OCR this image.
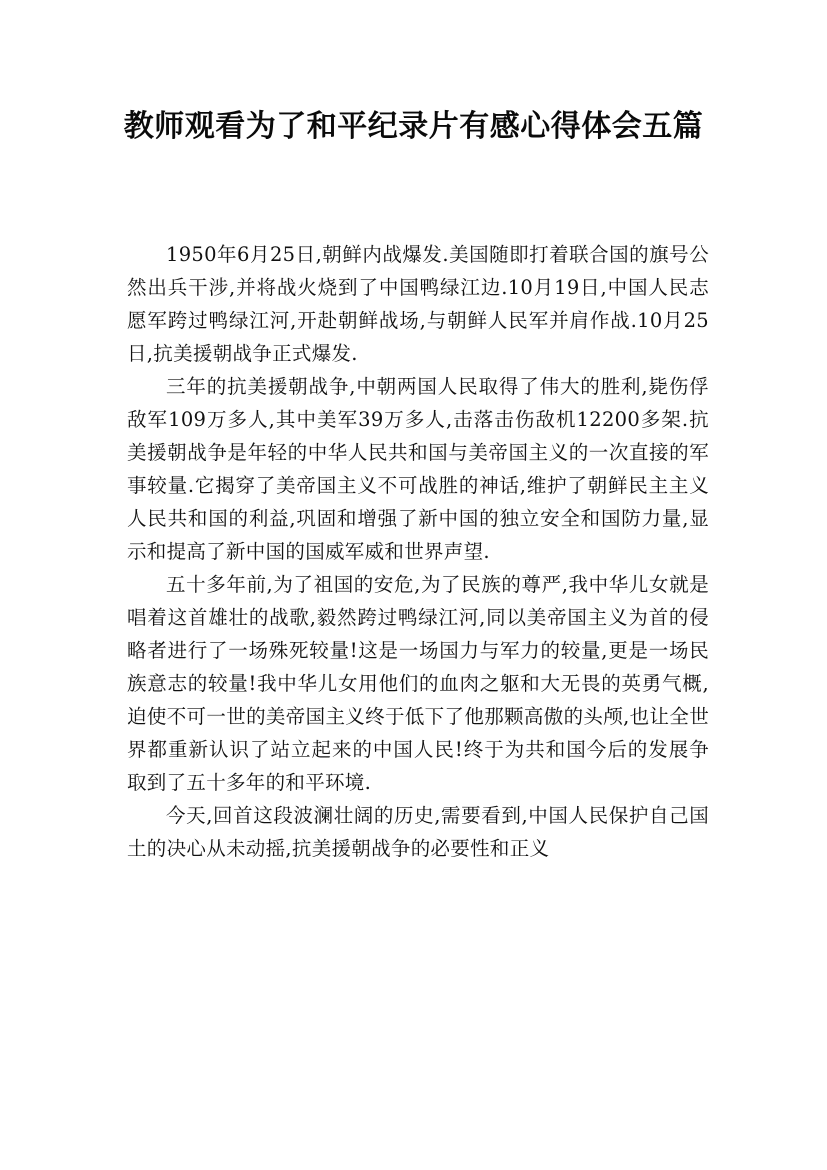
教师观看为了和平纪录片有感心得体会五篇

1950年6月25日,朝鲜内战爆发.美国随即打着联合国的旗号公然出兵干涉,并将战火烧到了中国鸭绿江边.10月19日,中国人民志愿军跨过鸭绿江河,开赴朝鲜战场,与朝鲜人民军并肩作战.10月25日,抗美援朝战争正式爆发.

三年的抗美援朝战争,中朝两国人民取得了伟大的胜利,毙伤俘敌军109万多人,其中美军39万多人,击落击伤敌机12200多架.抗美援朝战争是年轻的中华人民共和国与美帝国主义的一次直接的军事较量.它揭穿了美帝国主义不可战胜的神话,维护了朝鲜民主主义人民共和国的利益,巩固和增强了新中国的独立安全和国防力量,显示和提高了新中国的国威军威和世界声望.

五十多年前,为了祖国的安危,为了民族的尊严,我中华儿女就是唱着这首雄壮的战歌,毅然跨过鸭绿江河,同以美帝国主义为首的侵略者进行了一场殊死较量!这是一场国力与军力的较量,更是一场民族意志的较量!我中华儿女用他们的血肉之躯和大无畏的英勇气概,迫使不可一世的美帝国主义终于低下了他那颗高傲的头颅,也让全世界都重新认识了站立起来的中国人民!终于为共和国今后的发展争取到了五十多年的和平环境.

今天,回首这段波澜壮阔的历史,需要看到,中国人民保护自己国土的决心从未动摇,抗美援朝战争的必要性和正义
